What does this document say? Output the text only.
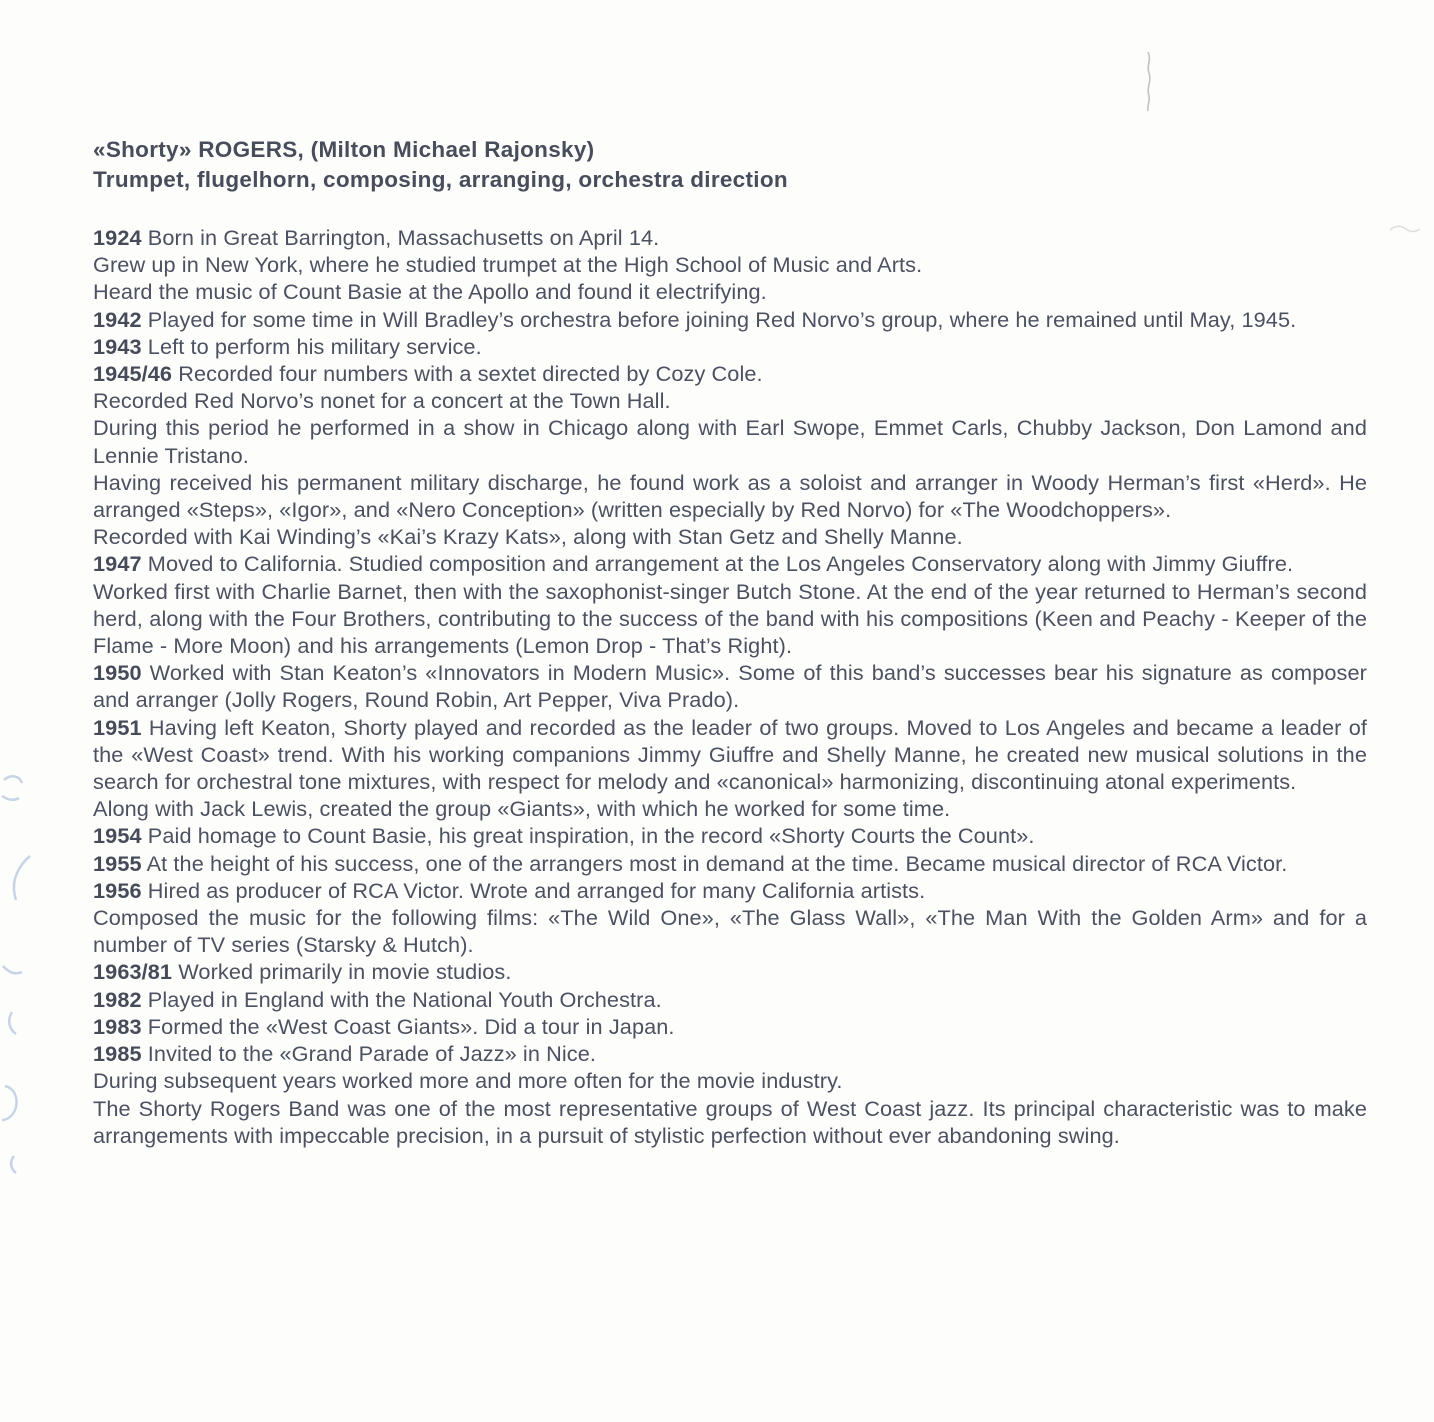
«Shorty» ROGERS, (Milton Michael Rajonsky)

Trumpet, flugelhorn, composing, arranging, orchestra direction

1924 Born in Great Barrington, Massachusetts on April 14.

Grew up in New York, where he studied trumpet at the High School of Music and Arts.

Heard the music of Count Basie at the Apollo and found it electrifying.

1942 Played for some time in Will Bradley’s orchestra before joining Red Norvo’s group, where he remained until May, 1945.

1943 Left to perform his military service.

1945/46 Recorded four numbers with a sextet directed by Cozy Cole.

Recorded Red Norvo’s nonet for a concert at the Town Hall.

During this period he performed in a show in Chicago along with Earl Swope, Emmet Carls, Chubby Jackson, Don Lamond and Lennie Tristano.

Having received his permanent military discharge, he found work as a soloist and arranger in Woody Herman’s first «Herd». He arranged «Steps», «Igor», and «Nero Conception» (written especially by Red Norvo) for «The Woodchoppers».

Recorded with Kai Winding’s «Kai’s Krazy Kats», along with Stan Getz and Shelly Manne.

1947 Moved to California. Studied composition and arrangement at the Los Angeles Conservatory along with Jimmy Giuffre.

Worked first with Charlie Barnet, then with the saxophonist-singer Butch Stone. At the end of the year returned to Herman’s second herd, along with the Four Brothers, contributing to the success of the band with his compositions (Keen and Peachy - Keeper of the Flame - More Moon) and his arrangements (Lemon Drop - That’s Right).

1950 Worked with Stan Keaton’s «Innovators in Modern Music». Some of this band’s successes bear his signature as composer and arranger (Jolly Rogers, Round Robin, Art Pepper, Viva Prado).

1951 Having left Keaton, Shorty played and recorded as the leader of two groups. Moved to Los Angeles and became a leader of the «West Coast» trend. With his working companions Jimmy Giuffre and Shelly Manne, he created new musical solutions in the search for orchestral tone mixtures, with respect for melody and «canonical» harmonizing, discontinuing atonal experiments.

Along with Jack Lewis, created the group «Giants», with which he worked for some time.

1954 Paid homage to Count Basie, his great inspiration, in the record «Shorty Courts the Count».

1955 At the height of his success, one of the arrangers most in demand at the time. Became musical director of RCA Victor.

1956 Hired as producer of RCA Victor. Wrote and arranged for many California artists.

Composed the music for the following films: «The Wild One», «The Glass Wall», «The Man With the Golden Arm» and for a number of TV series (Starsky & Hutch).

1963/81 Worked primarily in movie studios.

1982 Played in England with the National Youth Orchestra.

1983 Formed the «West Coast Giants». Did a tour in Japan.

1985 Invited to the «Grand Parade of Jazz» in Nice.

During subsequent years worked more and more often for the movie industry.

The Shorty Rogers Band was one of the most representative groups of West Coast jazz. Its principal characteristic was to make arrangements with impeccable precision, in a pursuit of stylistic perfection without ever abandoning swing.
